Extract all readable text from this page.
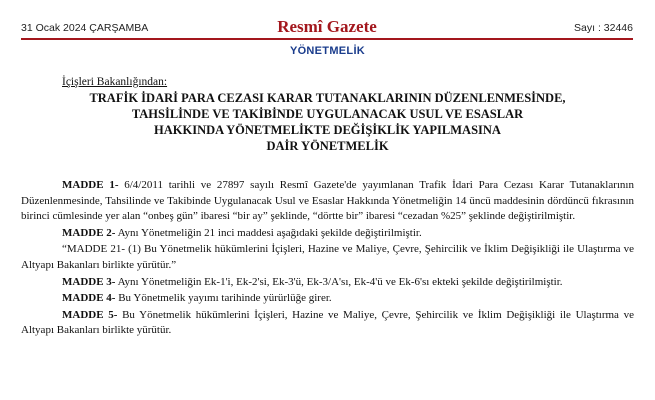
31 Ocak 2024 ÇARŞAMBA	Resmî Gazete	Sayı : 32446
YÖNETMELİK
İçişleri Bakanlığından:
TRAFİK İDARİ PARA CEZASI KARAR TUTANAKLARININ DÜZENLENMESİNDE,
TAHSİLİNDE VE TAKİBİNDE UYGULANACAK USUL VE ESASLAR
HAKKINDA YÖNETMELİKTE DEĞİŞİKLİK YAPILMASINA
DAİR YÖNETMELİK

MADDE 1- 6/4/2011 tarihli ve 27897 sayılı Resmî Gazete'de yayımlanan Trafik İdari Para Cezası Karar Tutanaklarının Düzenlenmesinde, Tahsilinde ve Takibinde Uygulanacak Usul ve Esaslar Hakkında Yönetmeliğin 14 üncü maddesinin dördüncü fıkrasının birinci cümlesinde yer alan “onbeş gün” ibaresi “bir ay” şeklinde, “dörtte bir” ibaresi “cezadan %25” şeklinde değiştirilmiştir.

MADDE 2- Aynı Yönetmeliğin 21 inci maddesi aşağıdaki şekilde değiştirilmiştir.

“MADDE 21- (1) Bu Yönetmelik hükümlerini İçişleri, Hazine ve Maliye, Çevre, Şehircilik ve İklim Değişikliği ile Ulaştırma ve Altyapı Bakanları birlikte yürütür.”

MADDE 3- Aynı Yönetmeliğin Ek-1'i, Ek-2'si, Ek-3'ü, Ek-3/A'sı, Ek-4'ü ve Ek-6'sı ekteki şekilde değiştirilmiştir.

MADDE 4- Bu Yönetmelik yayımı tarihinde yürürlüğe girer.

MADDE 5- Bu Yönetmelik hükümlerini İçişleri, Hazine ve Maliye, Çevre, Şehircilik ve İklim Değişikliği ile Ulaştırma ve Altyapı Bakanları birlikte yürütür.
